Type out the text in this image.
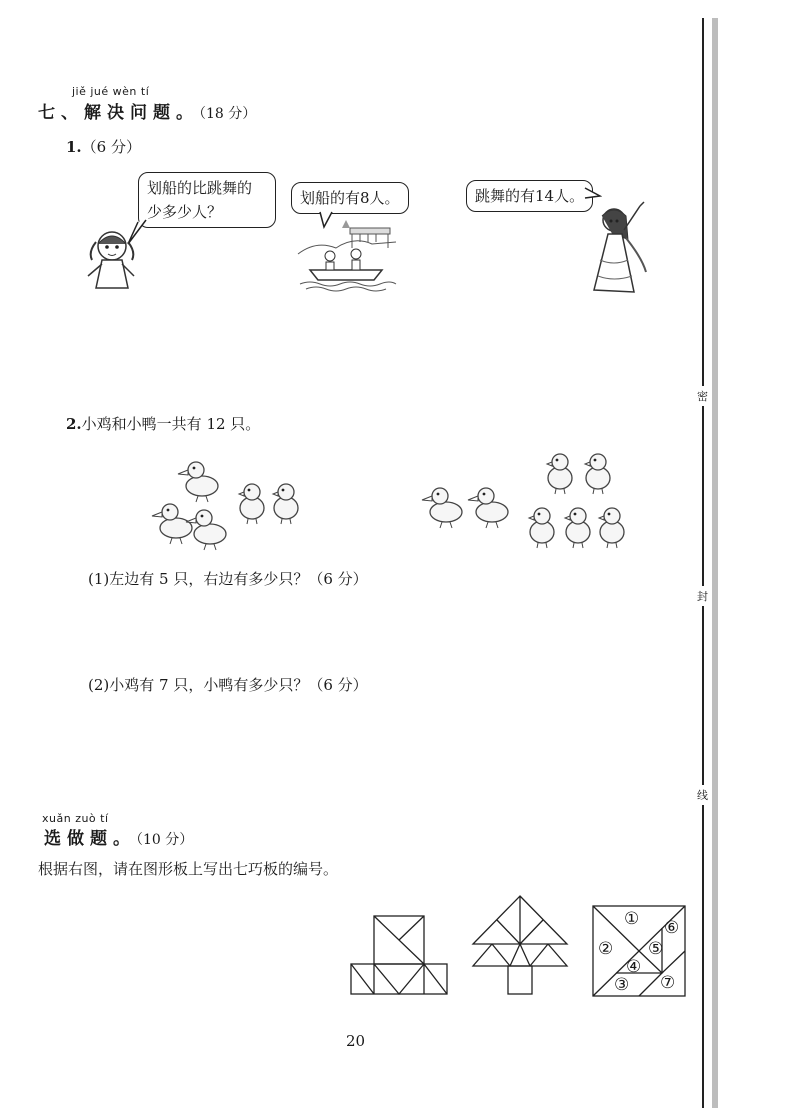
密
封
线
jiě jué wèn tí
七、解决问题。（18 分）
1.（6 分）
划船的比跳舞的
少多少人？
划船的有8人。	跳舞的有14人。
2.小鸡和小鸭一共有 12 只。
(1)左边有 5 只，右边有多少只？（6 分）
(2)小鸡有 7 只，小鸭有多少只？（6 分）
xuǎn zuò tí
选做题。（10 分）
根据右图，请在图形板上写出七巧板的编号。
① ⑥
② ⑤
④
③ ⑦
20
